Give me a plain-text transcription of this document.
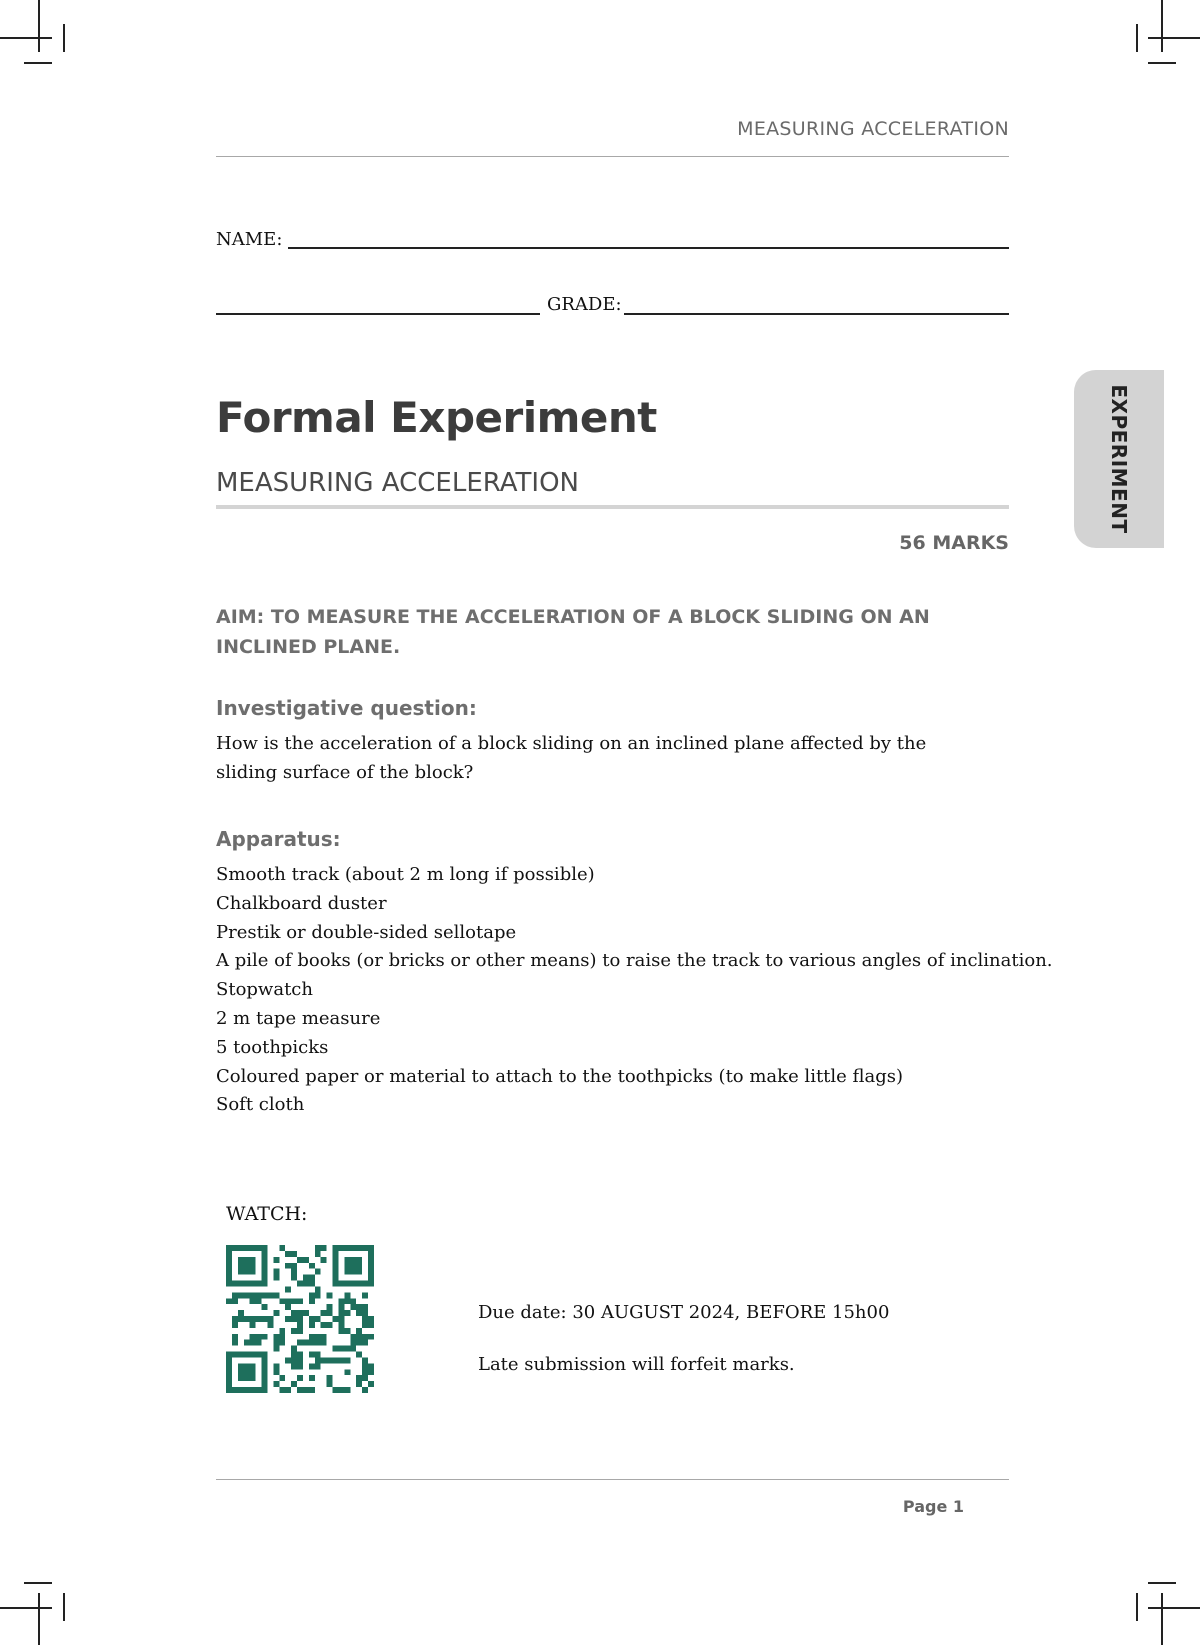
MEASURING ACCELERATION
NAME:
GRADE:
EXPERIMENT
Formal Experiment
MEASURING ACCELERATION
56 MARKS
AIM: TO MEASURE THE ACCELERATION OF A BLOCK SLIDING ON AN INCLINED PLANE.
Investigative question:
How is the acceleration of a block sliding on an inclined plane affected by the sliding surface of the block?
Apparatus:
Smooth track (about 2 m long if possible)
Chalkboard duster
Prestik or double-sided sellotape
A pile of books (or bricks or other means) to raise the track to various angles of inclination.
Stopwatch
2 m tape measure
5 toothpicks
Coloured paper or material to attach to the toothpicks (to make little flags)
Soft cloth
WATCH:
Due date: 30 AUGUST 2024, BEFORE 15h00
Late submission will forfeit marks.
Page 1
